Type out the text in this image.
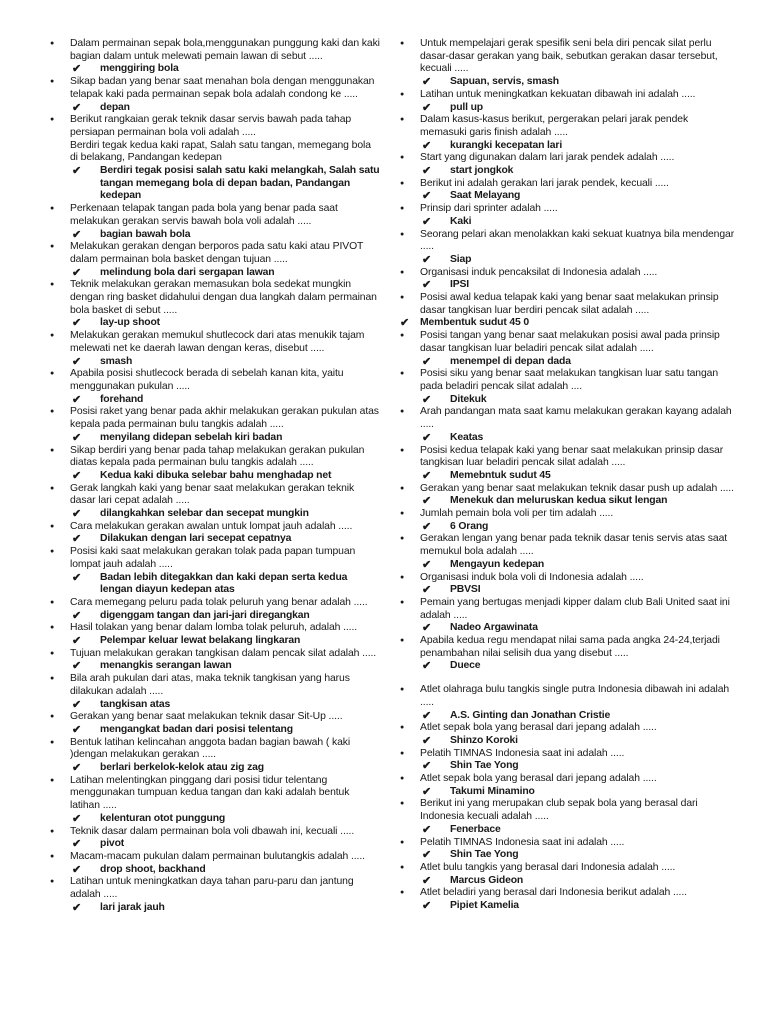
● Dalam permainan sepak bola,menggunakan punggung kaki dan kaki bagian dalam untuk melewati pemain lawan di sebut .....
✔ menggiring bola
● Sikap badan yang benar saat menahan bola dengan menggunakan telapak kaki pada permainan sepak bola adalah condong ke .....
✔ depan
● Berikut rangkaian gerak teknik dasar servis bawah pada tahap persiapan permainan bola voli adalah .....
Berdiri tegak kedua kaki rapat, Salah satu tangan, memegang bola di belakang, Pandangan kedepan
✔ Berdiri tegak posisi salah satu kaki melangkah, Salah satu tangan memegang bola di depan badan, Pandangan kedepan
● Perkenaan telapak tangan pada bola yang benar pada saat melakukan gerakan servis bawah bola voli adalah .....
✔ bagian bawah bola
● Melakukan gerakan dengan berporos pada satu kaki atau PIVOT dalam permainan bola basket dengan tujuan .....
✔ melindung bola dari sergapan lawan
● Teknik melakukan gerakan memasukan bola sedekat mungkin dengan ring basket didahului dengan dua langkah dalam permainan bola basket di sebut .....
✔ lay-up shoot
● Melakukan gerakan memukul shutlecock dari atas menukik tajam melewati net ke daerah lawan dengan keras, disebut .....
✔ smash
● Apabila posisi shutlecock berada di sebelah kanan kita, yaitu menggunakan pukulan .....
✔ forehand
● Posisi raket yang benar pada akhir melakukan gerakan pukulan atas kepala pada permainan bulu tangkis adalah .....
✔ menyilang didepan sebelah kiri badan
● Sikap berdiri yang benar pada tahap melakukan gerakan pukulan diatas kepala pada permainan bulu tangkis adalah .....
✔ Kedua kaki dibuka selebar bahu menghadap net
● Gerak langkah kaki yang benar saat melakukan gerakan teknik dasar lari cepat adalah .....
✔ dilangkahkan selebar dan secepat mungkin
● Cara melakukan gerakan awalan untuk lompat jauh adalah .....
✔ Dilakukan dengan lari secepat cepatnya
● Posisi kaki saat melakukan gerakan tolak pada papan tumpuan lompat jauh adalah .....
✔ Badan lebih ditegakkan dan kaki depan serta kedua lengan diayun kedepan atas
● Cara memegang peluru pada tolak peluruh yang benar adalah .....
✔ digenggam tangan dan jari-jari diregangkan
● Hasil tolakan yang benar dalam lomba tolak peluruh, adalah .....
✔ Pelempar keluar lewat belakang lingkaran
● Tujuan melakukan gerakan tangkisan dalam pencak silat adalah .....
✔ menangkis serangan lawan
● Bila arah pukulan dari atas, maka teknik tangkisan yang harus dilakukan adalah .....
✔ tangkisan atas
● Gerakan yang benar saat melakukan teknik dasar Sit-Up .....
✔ mengangkat badan dari posisi telentang
● Bentuk latihan kelincahan anggota badan bagian bawah ( kaki )dengan melakukan gerakan .....
✔ berlari berkelok-kelok atau zig zag
● Latihan melentingkan pinggang dari posisi tidur telentang menggunakan tumpuan kedua tangan dan kaki adalah bentuk latihan .....
✔ kelenturan otot punggung
● Teknik dasar dalam permainan bola voli dbawah ini, kecuali .....
✔ pivot
● Macam-macam pukulan dalam permainan bulutangkis adalah .....
✔ drop shoot, backhand
● Latihan untuk meningkatkan daya tahan paru-paru dan jantung adalah .....
✔ lari jarak jauh
● Untuk mempelajari gerak spesifik seni bela diri pencak silat perlu dasar-dasar gerakan yang baik, sebutkan gerakan dasar tersebut, kecuali .....
✔ Sapuan, servis, smash
● Latihan untuk meningkatkan kekuatan dibawah ini adalah .....
✔ pull up
● Dalam kasus-kasus berikut, pergerakan pelari jarak pendek memasuki garis finish adalah .....
✔ kurangki kecepatan lari
● Start yang digunakan dalam lari jarak pendek adalah .....
✔ start jongkok
● Berikut ini adalah gerakan lari jarak pendek, kecuali .....
✔ Saat Melayang
● Prinsip dari sprinter adalah .....
✔ Kaki
● Seorang pelari akan menolakkan kaki sekuat kuatnya bila mendengar .....
✔ Siap
● Organisasi induk pencaksilat di Indonesia adalah .....
✔ IPSI
● Posisi awal kedua telapak kaki yang benar saat melakukan prinsip dasar tangkisan luar berdiri pencak silat adalah .....
✔ Membentuk sudut 45 0
● Posisi tangan yang benar saat melakukan posisi awal pada prinsip dasar tangkisan luar beladiri pencak silat adalah .....
✔ menempel di depan dada
● Posisi siku yang benar saat melakukan tangkisan luar satu tangan pada beladiri pencak silat adalah ....
✔ Ditekuk
● Arah pandangan mata saat kamu melakukan gerakan kayang adalah .....
✔ Keatas
● Posisi kedua telapak kaki yang benar saat melakukan prinsip dasar tangkisan luar beladiri pencak silat adalah .....
✔ Memebntuk sudut 45
● Gerakan yang benar saat melakukan teknik dasar push up adalah .....
✔ Menekuk dan meluruskan kedua sikut lengan
● Jumlah pemain bola voli per tim adalah .....
✔ 6 Orang
● Gerakan lengan yang benar pada teknik dasar tenis servis atas saat memukul bola adalah .....
✔ Mengayun kedepan
● Organisasi induk bola voli di Indonesia adalah .....
✔ PBVSI
● Pemain yang bertugas menjadi kipper dalam club Bali United saat ini adalah .....
✔ Nadeo Argawinata
● Apabila kedua regu mendapat nilai sama pada angka 24-24,terjadi penambahan nilai selisih dua yang disebut .....
✔ Duece
● Atlet olahraga bulu tangkis single putra Indonesia dibawah ini adalah .....
✔ A.S. Ginting dan Jonathan Cristie
● Atlet sepak bola yang berasal dari jepang adalah .....
✔ Shinzo Koroki
● Pelatih TIMNAS Indonesia saat ini adalah .....
✔ Shin Tae Yong
● Atlet sepak bola yang berasal dari jepang adalah .....
✔ Takumi Minamino
● Berikut ini yang merupakan club sepak bola yang berasal dari Indonesia kecuali adalah .....
✔ Fenerbace
● Pelatih TIMNAS Indonesia saat ini adalah .....
✔ Shin Tae Yong
● Atlet bulu tangkis yang berasal dari Indonesia adalah .....
✔ Marcus Gideon
● Atlet beladiri yang berasal dari Indonesia berikut adalah .....
✔ Pipiet Kamelia
